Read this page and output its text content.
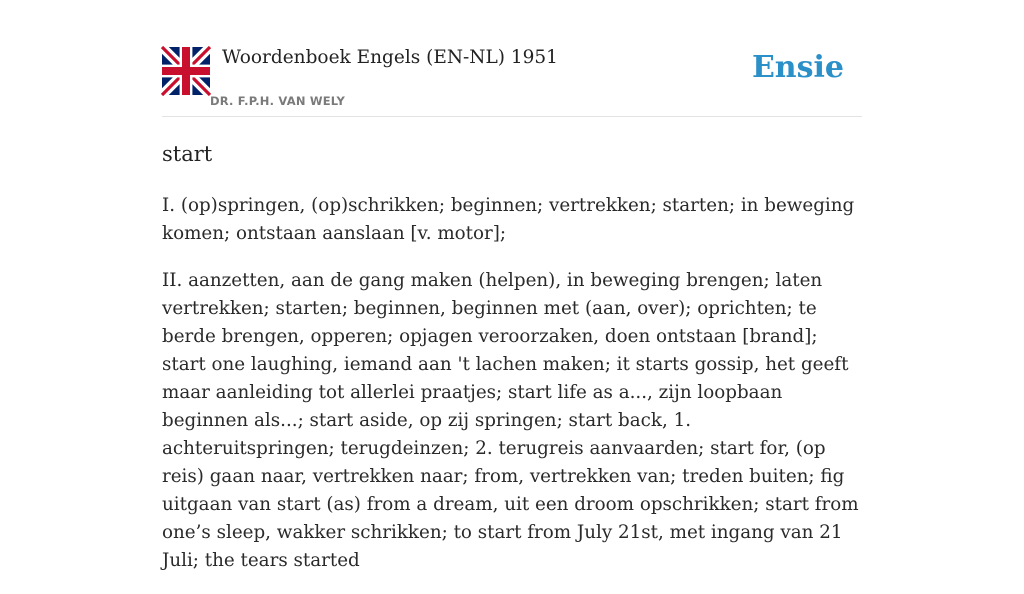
Woordenboek Engels (EN-NL) 1951
DR. F.P.H. VAN WELY
Ensie
start

I. (op)springen, (op)schrikken; beginnen; vertrekken; starten; in beweging komen; ontstaan aanslaan [v. motor];

II. aanzetten, aan de gang maken (helpen), in beweging brengen; laten vertrekken; starten; beginnen, beginnen met (aan, over); oprichten; te berde brengen, opperen; opjagen veroorzaken, doen ontstaan [brand]; start one laughing, iemand aan 't lachen maken; it starts gossip, het geeft maar aanleiding tot allerlei praatjes; start life as a..., zijn loopbaan beginnen als...; start aside, op zij springen; start back, 1. achteruitspringen; terugdeinzen; 2. terugreis aanvaarden; start for, (op reis) gaan naar, vertrekken naar; from, vertrekken van; treden buiten; fig uitgaan van start (as) from a dream, uit een droom opschrikken; start from one’s sleep, wakker schrikken; to start from July 21st, met ingang van 21 Juli; the tears started
